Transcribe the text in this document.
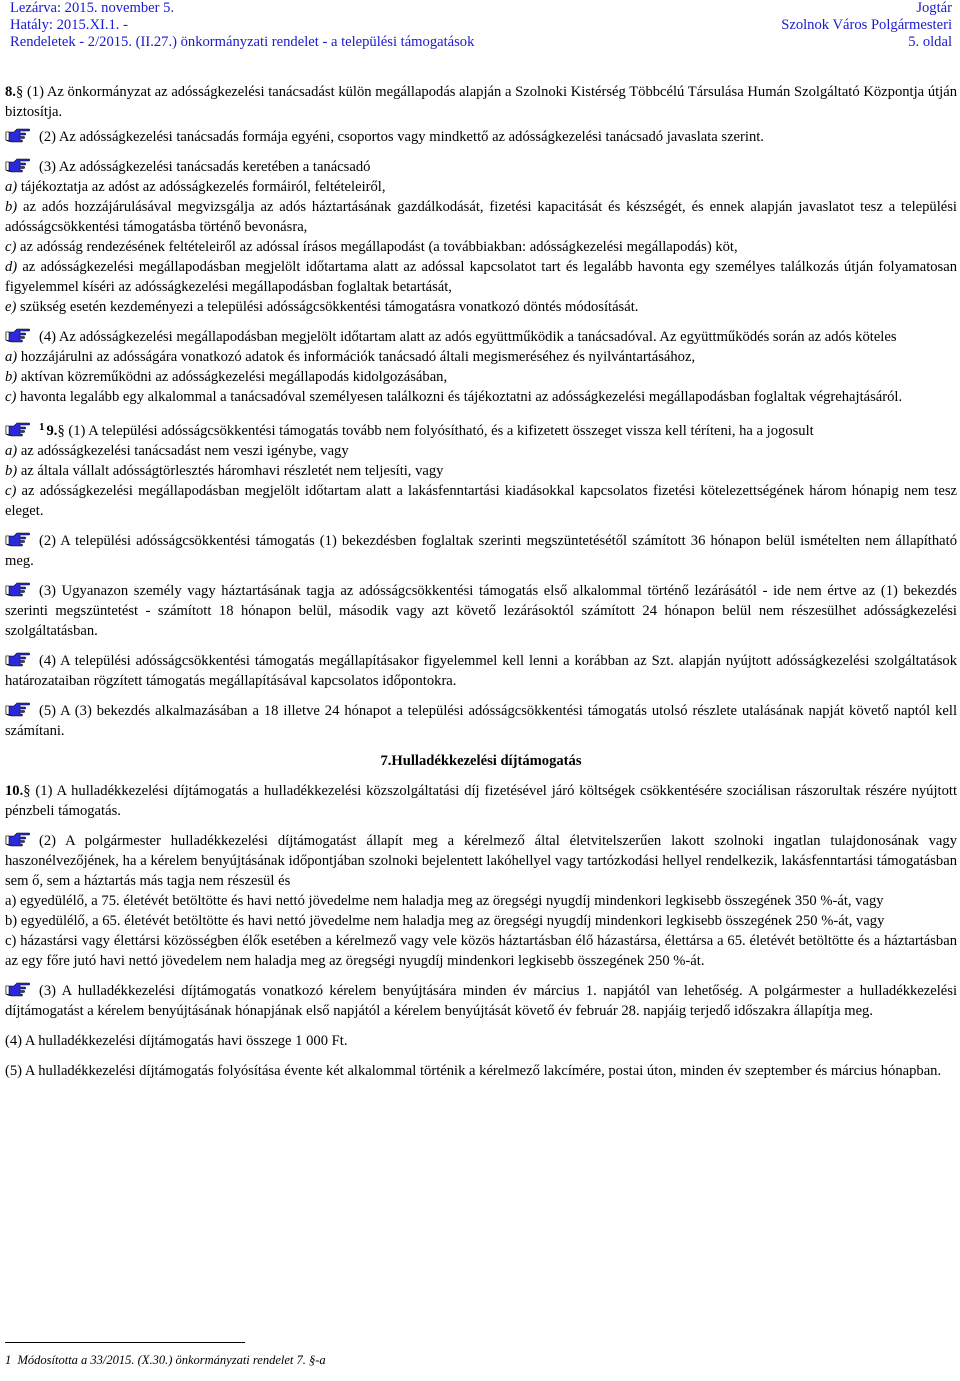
Lezárva: 2015. november 5.
Hatály: 2015.XI.1. -
Rendeletek - 2/2015. (II.27.) önkormányzati rendelet - a települési támogatások
Jogtár
Szolnok Város Polgármesteri
5. oldal

8.§ (1) Az önkormányzat az adósságkezelési tanácsadást külön megállapodás alapján a Szolnoki Kistérség Többcélú Társulása Humán Szolgáltató Központja útján biztosítja.

(2) Az adósságkezelési tanácsadás formája egyéni, csoportos vagy mindkettő az adósságkezelési tanácsadó javaslata szerint.

(3) Az adósságkezelési tanácsadás keretében a tanácsadó

a) tájékoztatja az adóst az adósságkezelés formáiról, feltételeiről,

b) az adós hozzájárulásával megvizsgálja az adós háztartásának gazdálkodását, fizetési kapacitását és készségét, és ennek alapján javaslatot tesz a települési adósságcsökkentési támogatásba történő bevonásra,

c) az adósság rendezésének feltételeiről az adóssal írásos megállapodást (a továbbiakban: adósságkezelési megállapodás) köt,

d) az adósságkezelési megállapodásban megjelölt időtartama alatt az adóssal kapcsolatot tart és legalább havonta egy személyes találkozás útján folyamatosan figyelemmel kíséri az adósságkezelési megállapodásban foglaltak betartását,

e) szükség esetén kezdeményezi a települési adósságcsökkentési támogatásra vonatkozó döntés módosítását.

(4) Az adósságkezelési megállapodásban megjelölt időtartam alatt az adós együttműködik a tanácsadóval. Az együttműködés során az adós köteles

a) hozzájárulni az adósságára vonatkozó adatok és információk tanácsadó általi megismeréséhez és nyilvántartásához,

b) aktívan közreműködni az adósságkezelési megállapodás kidolgozásában,

c) havonta legalább egy alkalommal a tanácsadóval személyesen találkozni és tájékoztatni az adósságkezelési megállapodásban foglaltak végrehajtásáról.

$^1$ 9.§ (1) A települési adósságcsökkentési támogatás tovább nem folyósítható, és a kifizetett összeget vissza kell téríteni, ha a jogosult

a) az adósságkezelési tanácsadást nem veszi igénybe, vagy

b) az általa vállalt adósságtörlesztés háromhavi részletét nem teljesíti, vagy

c) az adósságkezelési megállapodásban megjelölt időtartam alatt a lakásfenntartási kiadásokkal kapcsolatos fizetési kötelezettségének három hónapig nem tesz eleget.

(2) A települési adósságcsökkentési támogatás (1) bekezdésben foglaltak szerinti megszüntetésétől számított 36 hónapon belül ismételten nem állapítható meg.

(3) Ugyanazon személy vagy háztartásának tagja az adósságcsökkentési támogatás első alkalommal történő lezárásától - ide nem értve az (1) bekezdés szerinti megszüntetést - számított 18 hónapon belül, második vagy azt követő lezárásoktól számított 24 hónapon belül nem részesülhet adósságkezelési szolgáltatásban.

(4) A települési adósságcsökkentési támogatás megállapításakor figyelemmel kell lenni a korábban az Szt. alapján nyújtott adósságkezelési szolgáltatások határozataiban rögzített támogatás megállapításával kapcsolatos időpontokra.

(5) A (3) bekezdés alkalmazásában a 18 illetve 24 hónapot a települési adósságcsökkentési támogatás utolsó részlete utalásának napját követő naptól kell számítani.

7.Hulladékkezelési díjtámogatás

10.§ (1) A hulladékkezelési díjtámogatás a hulladékkezelési közszolgáltatási díj fizetésével járó költségek csökkentésére szociálisan rászorultak részére nyújtott pénzbeli támogatás.

(2) A polgármester hulladékkezelési díjtámogatást állapít meg a kérelmező által életvitelszerűen lakott szolnoki ingatlan tulajdonosának vagy haszonélvezőjének, ha a kérelem benyújtásának időpontjában szolnoki bejelentett lakóhellyel vagy tartózkodási hellyel rendelkezik, lakásfenntartási támogatásban sem ő, sem a háztartás más tagja nem részesül és

a) egyedülélő, a 75. életévét betöltötte és havi nettó jövedelme nem haladja meg az öregségi nyugdíj mindenkori legkisebb összegének 350 %-át, vagy

b) egyedülélő, a 65. életévét betöltötte és havi nettó jövedelme nem haladja meg az öregségi nyugdíj mindenkori legkisebb összegének 250 %-át, vagy

c) házastársi vagy élettársi közösségben élők esetében a kérelmező vagy vele közös háztartásban élő házastársa, élettársa a 65. életévét betöltötte és a háztartásban az egy főre jutó havi nettó jövedelem nem haladja meg az öregségi nyugdíj mindenkori legkisebb összegének 250 %-át.

(3) A hulladékkezelési díjtámogatás vonatkozó kérelem benyújtására minden év március 1. napjától van lehetőség. A polgármester a hulladékkezelési díjtámogatást a kérelem benyújtásának hónapjának első napjától a kérelem benyújtását követő év február 28. napjáig terjedő időszakra állapítja meg.

(4) A hulladékkezelési díjtámogatás havi összege 1 000 Ft.

(5) A hulladékkezelési díjtámogatás folyósítása évente két alkalommal történik a kérelmező lakcímére, postai úton, minden év szeptember és március hónapban.

1 Módosította a 33/2015. (X.30.) önkormányzati rendelet 7. §-a
